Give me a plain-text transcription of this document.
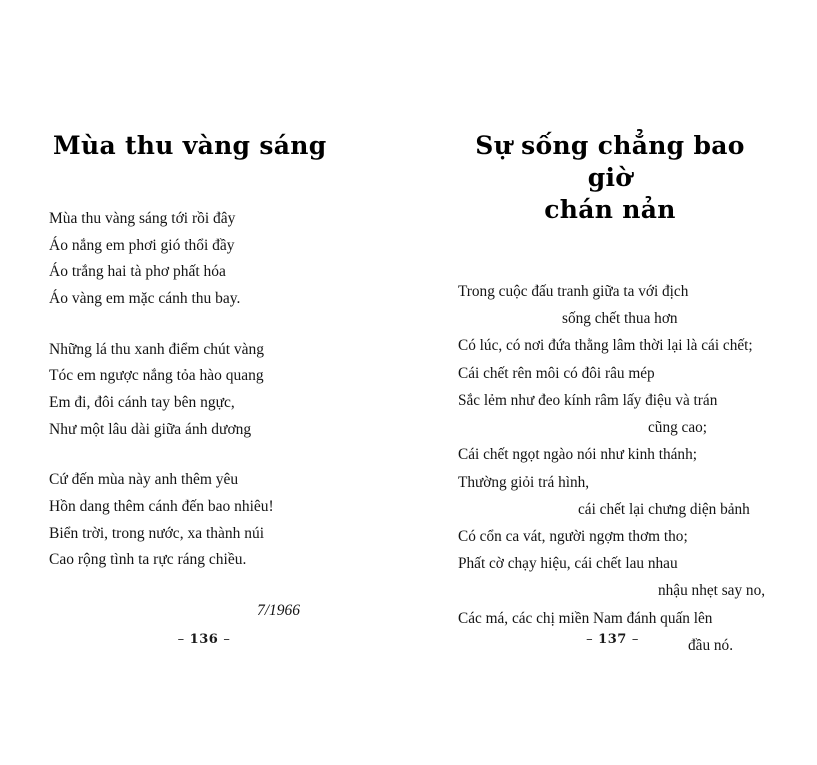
Mùa thu vàng sáng
Mùa thu vàng sáng tới rồi đây
Áo nắng em phơi gió thổi đầy
Áo trắng hai tà phơ phất hóa
Áo vàng em mặc cánh thu bay.
Những lá thu xanh điểm chút vàng
Tóc em ngược nắng tỏa hào quang
Em đi, đôi cánh tay bên ngực,
Như một lâu dài giữa ánh dương
Cứ đến mùa này anh thêm yêu
Hồn dang thêm cánh đến bao nhiêu!
Biển trời, trong nước, xa thành núi
Cao rộng tình ta rực ráng chiều.
7/1966
– 136 –
Sự sống chẳng bao giờ
chán nản
Trong cuộc đấu tranh giữa ta với địch
sống chết thua hơn
Có lúc, có nơi đứa thằng lâm thời lại là cái chết;
Cái chết rên môi có đôi râu mép
Sắc lẻm như đeo kính râm lấy điệu và trán
cũng cao;
Cái chết ngọt ngào nói như kinh thánh;
Thường giỏi trá hình,
cái chết lại chưng diện bảnh
Có cổn ca vát, người ngợm thơm tho;
Phất cờ chạy hiệu, cái chết lau nhau
nhậu nhẹt say no,
Các má, các chị miền Nam đánh quấn lên
đầu nó.
– 137 –
